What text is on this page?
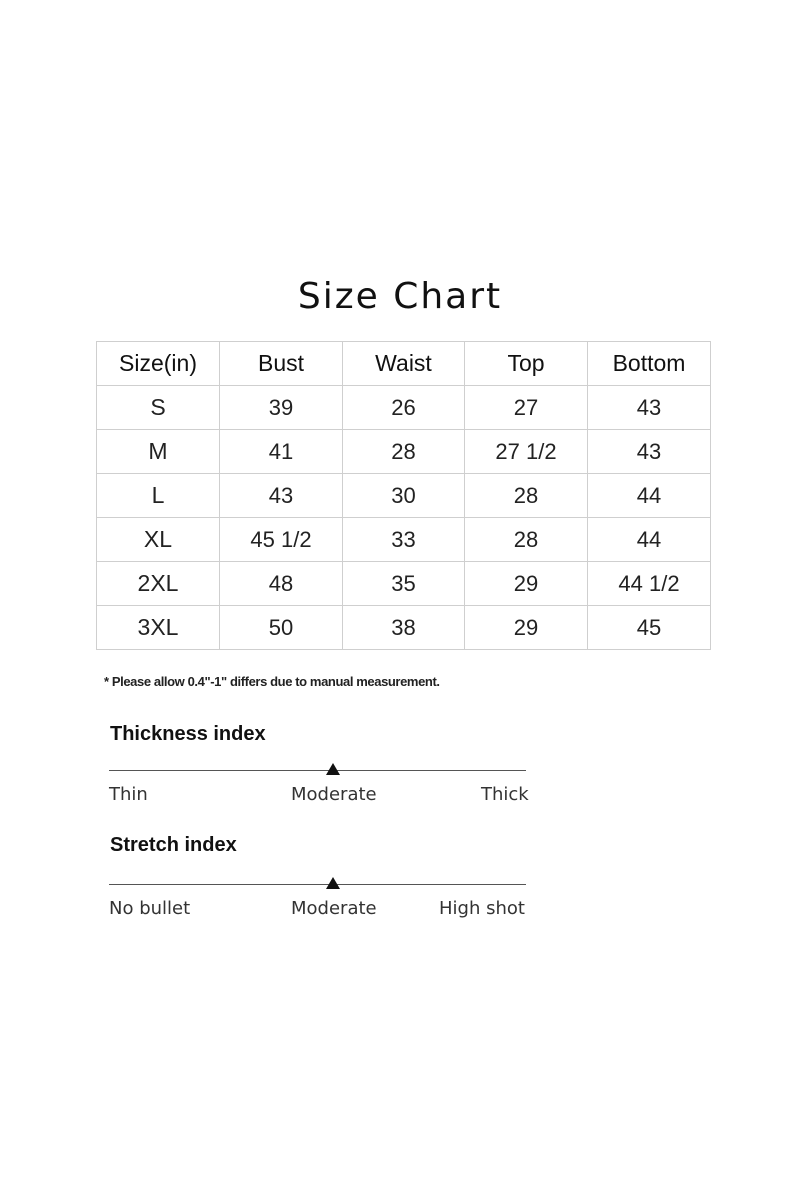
Size Chart
Size(in)	Bust	Waist	Top	Bottom
S	39	26	27	43
M	41	28	27 1/2	43
L	43	30	28	44
XL	45 1/2	33	28	44
2XL	48	35	29	44 1/2
3XL	50	38	29	45
* Please allow 0.4"-1" differs due to manual measurement.
Thickness index
Thin	Moderate	Thick
Stretch index
No bullet	Moderate	High shot
